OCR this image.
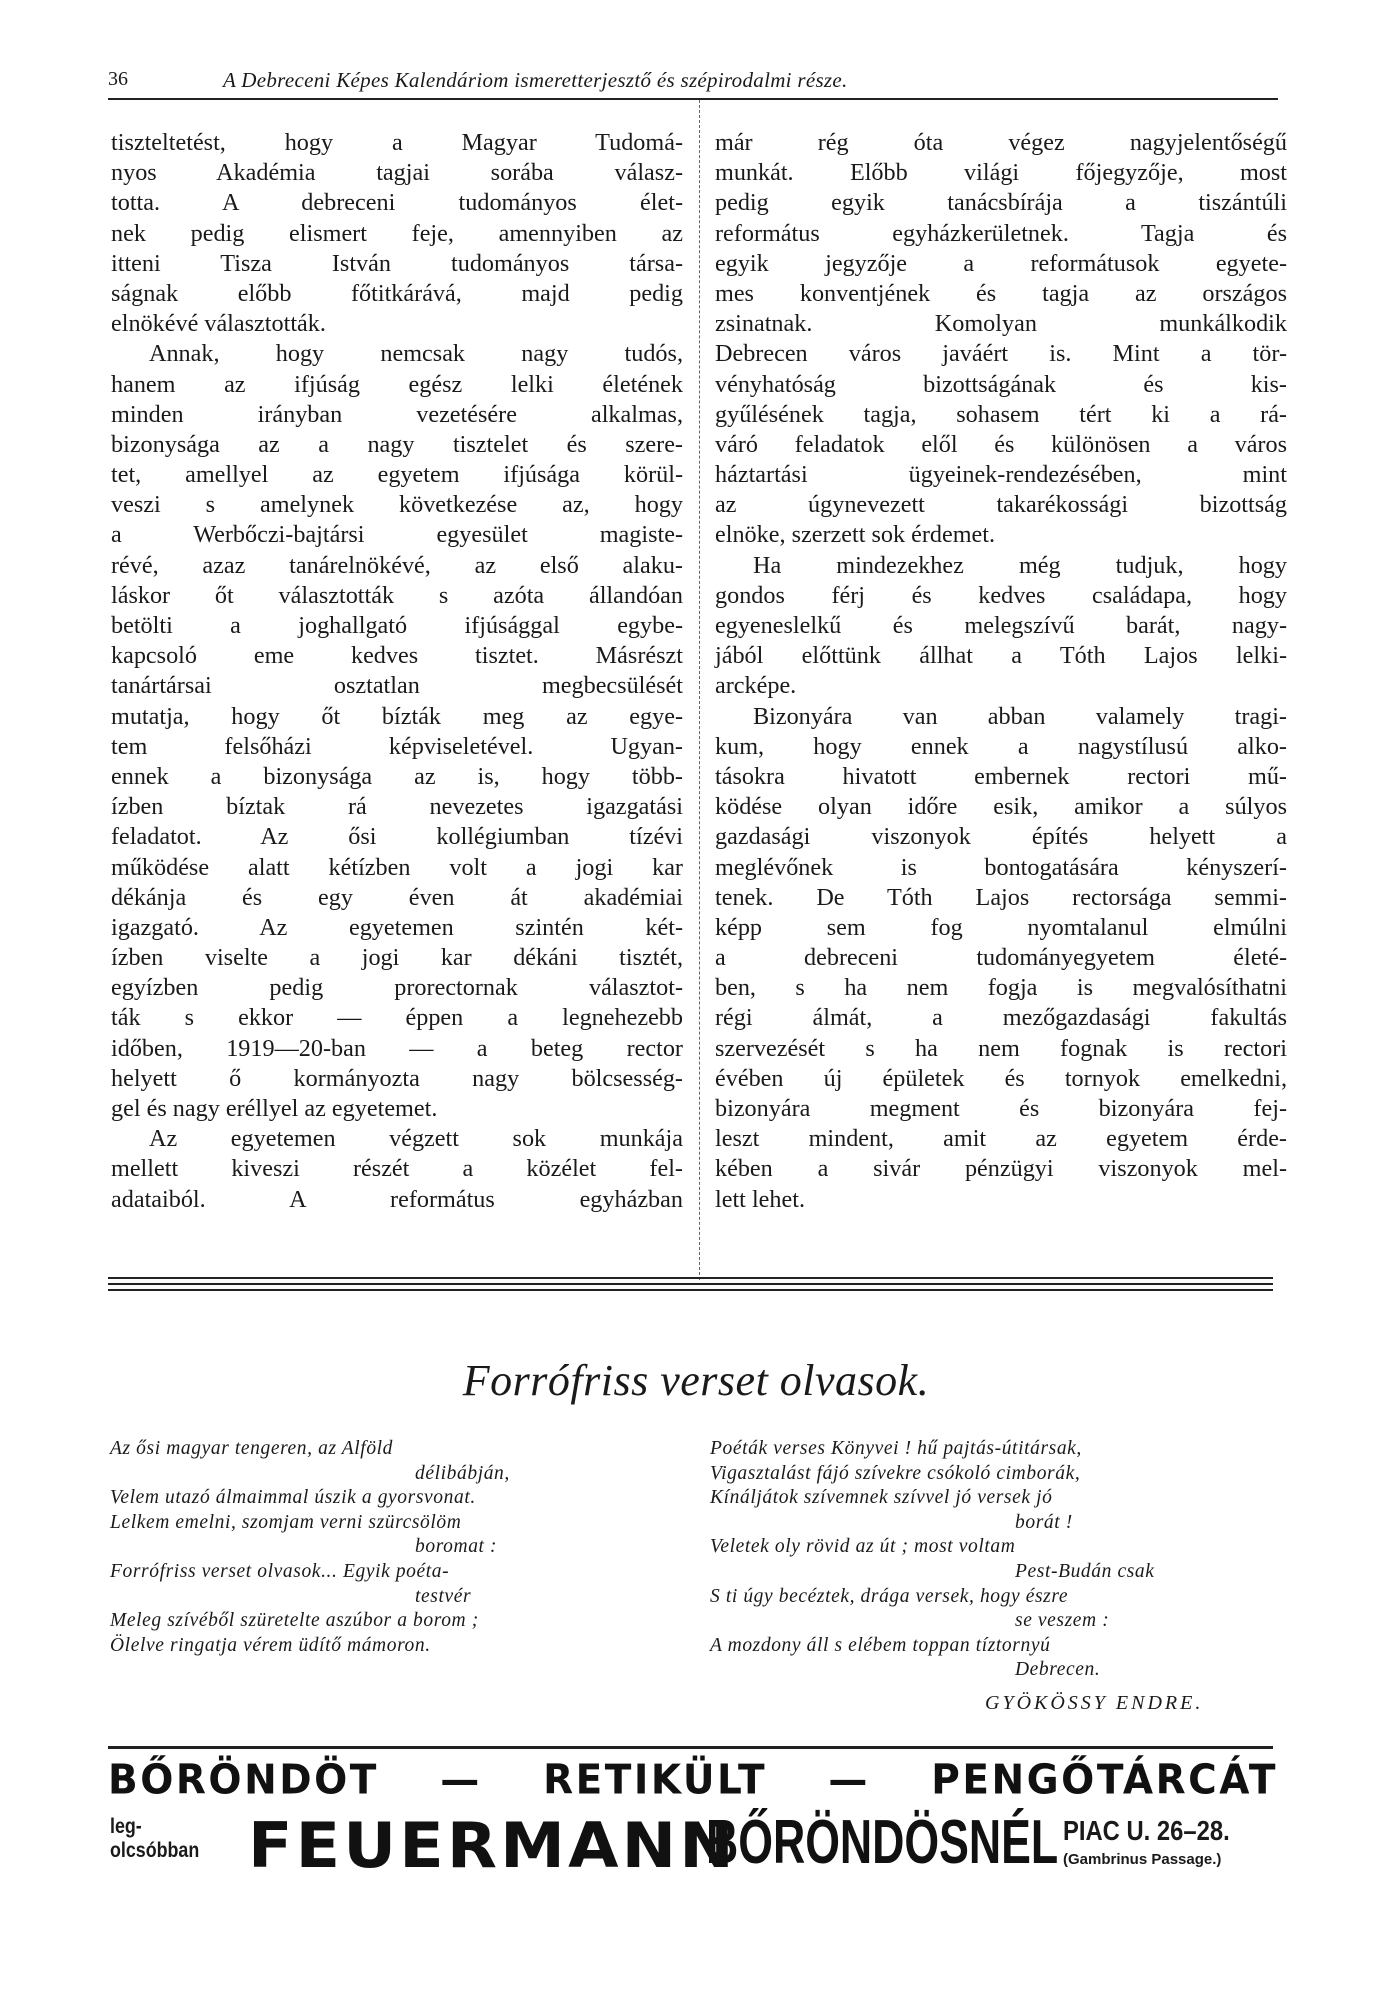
36	A Debreceni Képes Kalendáriom ismeretterjesztő és szépirodalmi része.
tiszteltetést, hogy a Magyar Tudomá-
nyos Akadémia tagjai sorába válasz-
totta. A debreceni tudományos élet-
nek pedig elismert feje, amennyiben az
itteni Tisza István tudományos társa-
ságnak előbb főtitkárává, majd pedig
elnökévé választották.
Annak, hogy nemcsak nagy tudós,
hanem az ifjúság egész lelki életének
minden irányban vezetésére alkalmas,
bizonysága az a nagy tisztelet és szere-
tet, amellyel az egyetem ifjúsága körül-
veszi s amelynek következése az, hogy
a Werbőczi-bajtársi egyesület magiste-
révé, azaz tanárelnökévé, az első alaku-
láskor őt választották s azóta állandóan
betölti a joghallgató ifjúsággal egybe-
kapcsoló eme kedves tisztet. Másrészt
tanártársai osztatlan megbecsülését
mutatja, hogy őt bízták meg az egye-
tem felsőházi képviseletével. Ugyan-
ennek a bizonysága az is, hogy több-
ízben bíztak rá nevezetes igazgatási
feladatot. Az ősi kollégiumban tízévi
működése alatt kétízben volt a jogi kar
dékánja és egy éven át akadémiai
igazgató. Az egyetemen szintén két-
ízben viselte a jogi kar dékáni tisztét,
egyízben pedig prorectornak választot-
ták s ekkor — éppen a legnehezebb
időben, 1919—20-ban — a beteg rector
helyett ő kormányozta nagy bölcsesség-
gel és nagy eréllyel az egyetemet.
Az egyetemen végzett sok munkája
mellett kiveszi részét a közélet fel-
adataiból. A református egyházban
már rég óta végez nagyjelentőségű
munkát. Előbb világi főjegyzője, most
pedig egyik tanácsbírája a tiszántúli
református egyházkerületnek. Tagja és
egyik jegyzője a reformátusok egyete-
mes konventjének és tagja az országos
zsinatnak. Komolyan munkálkodik
Debrecen város javáért is. Mint a tör-
vényhatóság bizottságának és kis-
gyűlésének tagja, sohasem tért ki a rá-
váró feladatok elől és különösen a város
háztartási ügyeinek-rendezésében, mint
az úgynevezett takarékossági bizottság
elnöke, szerzett sok érdemet.
Ha mindezekhez még tudjuk, hogy
gondos férj és kedves családapa, hogy
egyeneslelkű és melegszívű barát, nagy-
jából előttünk állhat a Tóth Lajos lelki-
arcképe.
Bizonyára van abban valamely tragi-
kum, hogy ennek a nagystílusú alko-
tásokra hivatott embernek rectori mű-
ködése olyan időre esik, amikor a súlyos
gazdasági viszonyok építés helyett a
meglévőnek is bontogatására kényszerí-
tenek. De Tóth Lajos rectorsága semmi-
képp sem fog nyomtalanul elmúlni
a debreceni tudományegyetem életé-
ben, s ha nem fogja is megvalósíthatni
régi álmát, a mezőgazdasági fakultás
szervezését s ha nem fognak is rectori
évében új épületek és tornyok emelkedni,
bizonyára megment és bizonyára fej-
leszt mindent, amit az egyetem érde-
kében a sivár pénzügyi viszonyok mel-
lett lehet.
Forrófriss verset olvasok.
Az ősi magyar tengeren, az Alföld
délibábján,
Velem utazó álmaimmal úszik a gyorsvonat.
Lelkem emelni, szomjam verni szürcsölöm
boromat :
Forrófriss verset olvasok... Egyik poéta-
testvér
Meleg szívéből szüretelte aszúbor a borom ;
Ölelve ringatja vérem üdítő mámoron.
Poéták verses Könyvei ! hű pajtás-útitársak,
Vigasztalást fájó szívekre csókoló cimborák,
Kínáljátok szívemnek szívvel jó versek jó
borát !
Veletek oly rövid az út ; most voltam
Pest-Budán csak
S ti úgy becéztek, drága versek, hogy észre
se veszem :
A mozdony áll s elébem toppan tíztornyú
Debrecen.
GYÖKÖSSY ENDRE.
BŐRÖNDÖT — RETIKÜLT — PENGŐTÁRCÁT
leg-
olcsóbban FEUERMANN
BŐRÖNDÖSNÉL PIAC U. 26–28.
(Gambrinus Passage.)
